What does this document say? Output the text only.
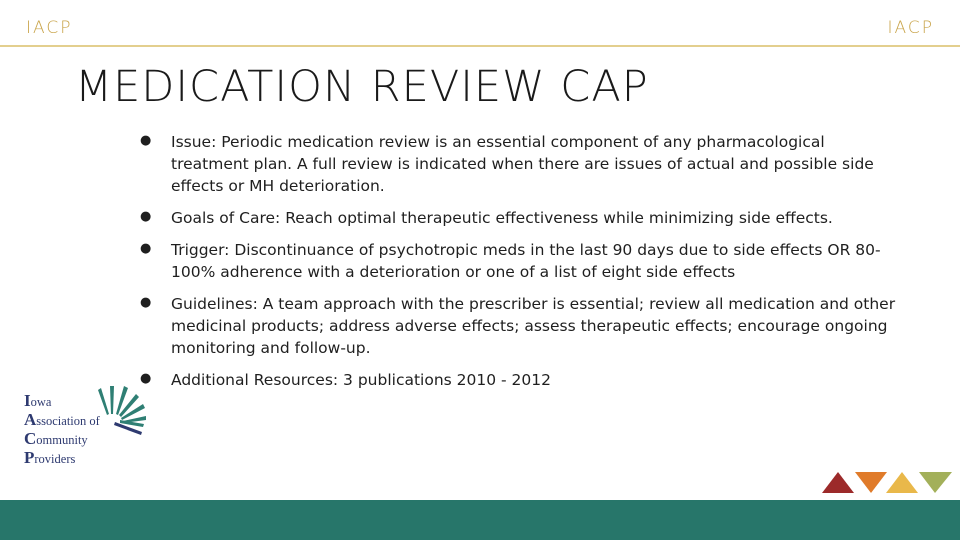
IACP	IACP
MEDICATION REVIEW CAP
● Issue: Periodic medication review is an essential component of any pharmacological treatment plan. A full review is indicated when there are issues of actual and possible side effects or MH deterioration.
● Goals of Care: Reach optimal therapeutic effectiveness while minimizing side effects.
● Trigger: Discontinuance of psychotropic meds in the last 90 days due to side effects OR 80-100% adherence with a deterioration or one of a list of eight side effects
● Guidelines: A team approach with the prescriber is essential; review all medication and other medicinal products; address adverse effects; assess therapeutic effects; encourage ongoing monitoring and follow-up.
● Additional Resources: 3 publications 2010 - 2012
Iowa
Association of
Community
Providers
